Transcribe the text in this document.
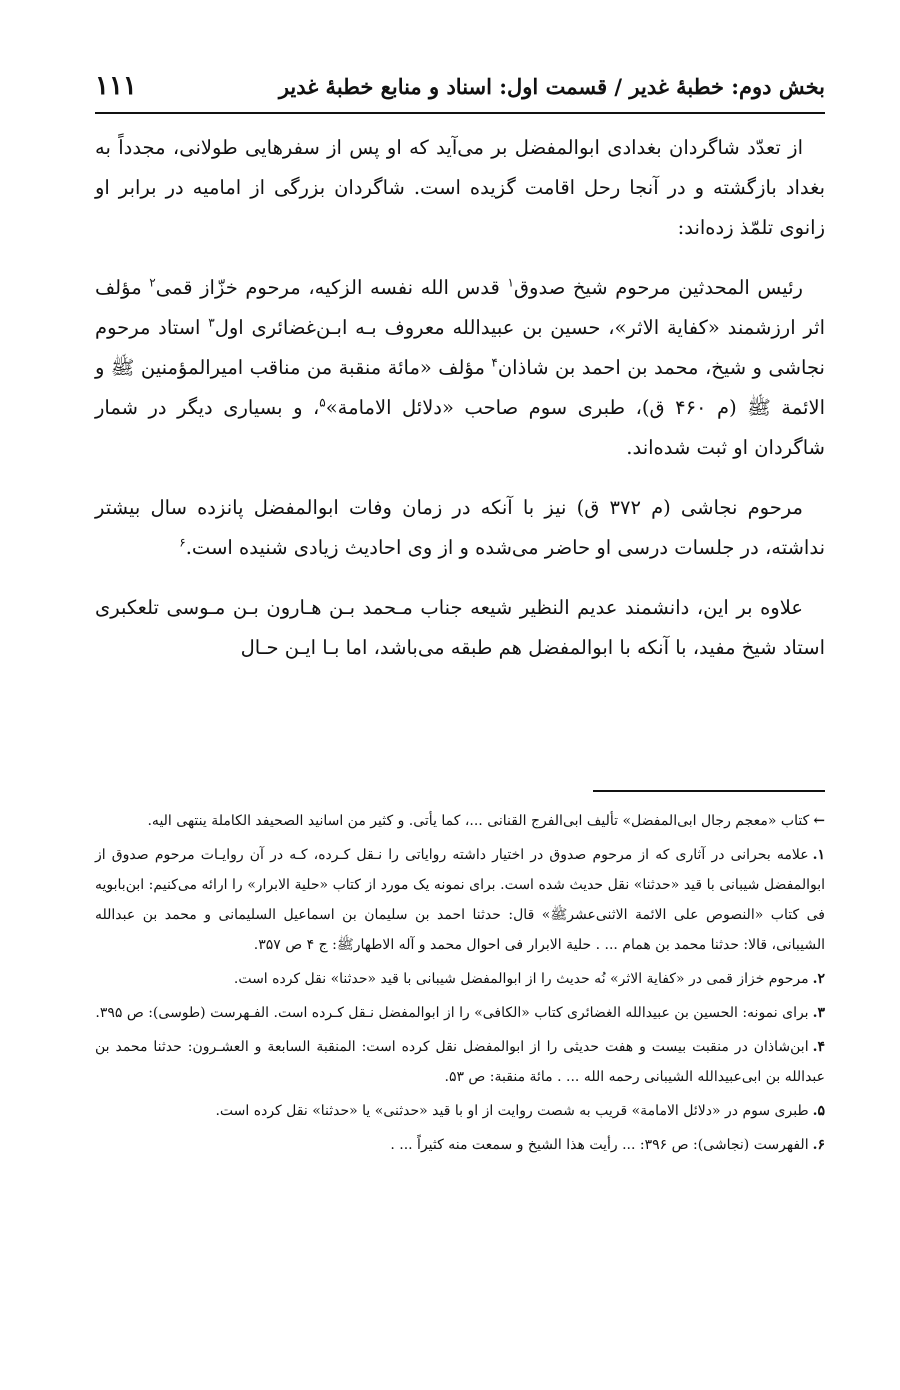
بخش دوم: خطبهٔ غدیر / قسمت اول: اسناد و منابع خطبهٔ غدیر
۱۱۱

از تعدّد شاگردان بغدادی ابوالمفضل بر می‌آید که او پس از سفرهایی طولانی، مجدداً به بغداد بازگشته و در آنجا رحل اقامت گزیده است. شاگردان بزرگی از امامیه در برابر او زانوی تلمّذ زده‌اند:

رئیس المحدثین مرحوم شیخ صدوق$^۱$ قدس الله نفسه الزکیه، مرحوم خزّاز قمی$^۲$ مؤلف اثر ارزشمند «کفایة الاثر»، حسین بن عبیدالله معروف بـه ابـن‌غضائری اول$^۳$ استاد مرحوم نجاشی و شیخ، محمد بن احمد بن شاذان$^۴$ مؤلف «مائة منقبة من مناقب امیرالمؤمنین ﷺ و الائمة ﷺ (م ۴۶۰ ق)، طبری سوم صاحب «دلائل الامامة»$^۵$، و بسیاری دیگر در شمار شاگردان او ثبت شده‌اند.

مرحوم نجاشی (م ۳۷۲ ق) نیز با آنکه در زمان وفات ابوالمفضل پانزده سال بیشتر نداشته، در جلسات درسی او حاضر می‌شده و از وی احادیث زیادی شنیده است.$^۶$

علاوه بر این، دانشمند عدیم النظیر شیعه جناب مـحمد بـن هـارون بـن مـوسی تلعکبری استاد شیخ مفید، با آنکه با ابوالمفضل هم طبقه می‌باشد، اما بـا ایـن حـال

←کتاب «معجم رجال ابی‌المفضل» تألیف ابی‌الفرج القنانی ...، کما یأتی. و کثیر من اسانید الصحیفد الکاملة ینتهی الیه.

۱.علامه بحرانی در آثاری که از مرحوم صدوق در اختیار داشته روایاتی را نـقل کـرده، کـه در آن روایـات مرحوم صدوق از ابوالمفضل شیبانی با قید «حدثنا» نقل حدیث شده است. برای نمونه یک مورد از کتاب «حلیة الابرار» را ارائه می‌کنیم: ابن‌بابویه فی کتاب «النصوص علی الائمة الاثنی‌عشرﷺ» قال: حدثنا احمد بن سلیمان بن اسماعیل السلیمانی و محمد بن عبدالله الشیبانی، قالا: حدثنا محمد بن همام ... . حلیة الابرار فی احوال محمد و آله الاطهارﷺ: ج ۴ ص ۳۵۷.

۲.مرحوم خزاز قمی در «کفایة الاثر» نُه حدیث را از ابوالمفضل شیبانی با قید «حدثنا» نقل کرده است.

۳.برای نمونه: الحسین بن عبیدالله الغضائری کتاب «الکافی» را از ابوالمفضل نـقل کـرده است. الفـهرست (طوسی): ص ۳۹۵.

۴.ابن‌شاذان در منقبت بیست و هفت حدیثی را از ابوالمفضل نقل کرده است: المنقبة السابعة و العشـرون: حدثنا محمد بن عبدالله بن ابی‌عبیدالله الشیبانی رحمه الله ... . مائة منقبة: ص ۵۳.

۵.طبری سوم در «دلائل الامامة» قریب به شصت روایت از او با قید «حدثنی» یا «حدثنا» نقل کرده است.

۶.الفهرست (نجاشی): ص ۳۹۶: ... رأیت هذا الشیخ و سمعت منه کثیراً ... .
